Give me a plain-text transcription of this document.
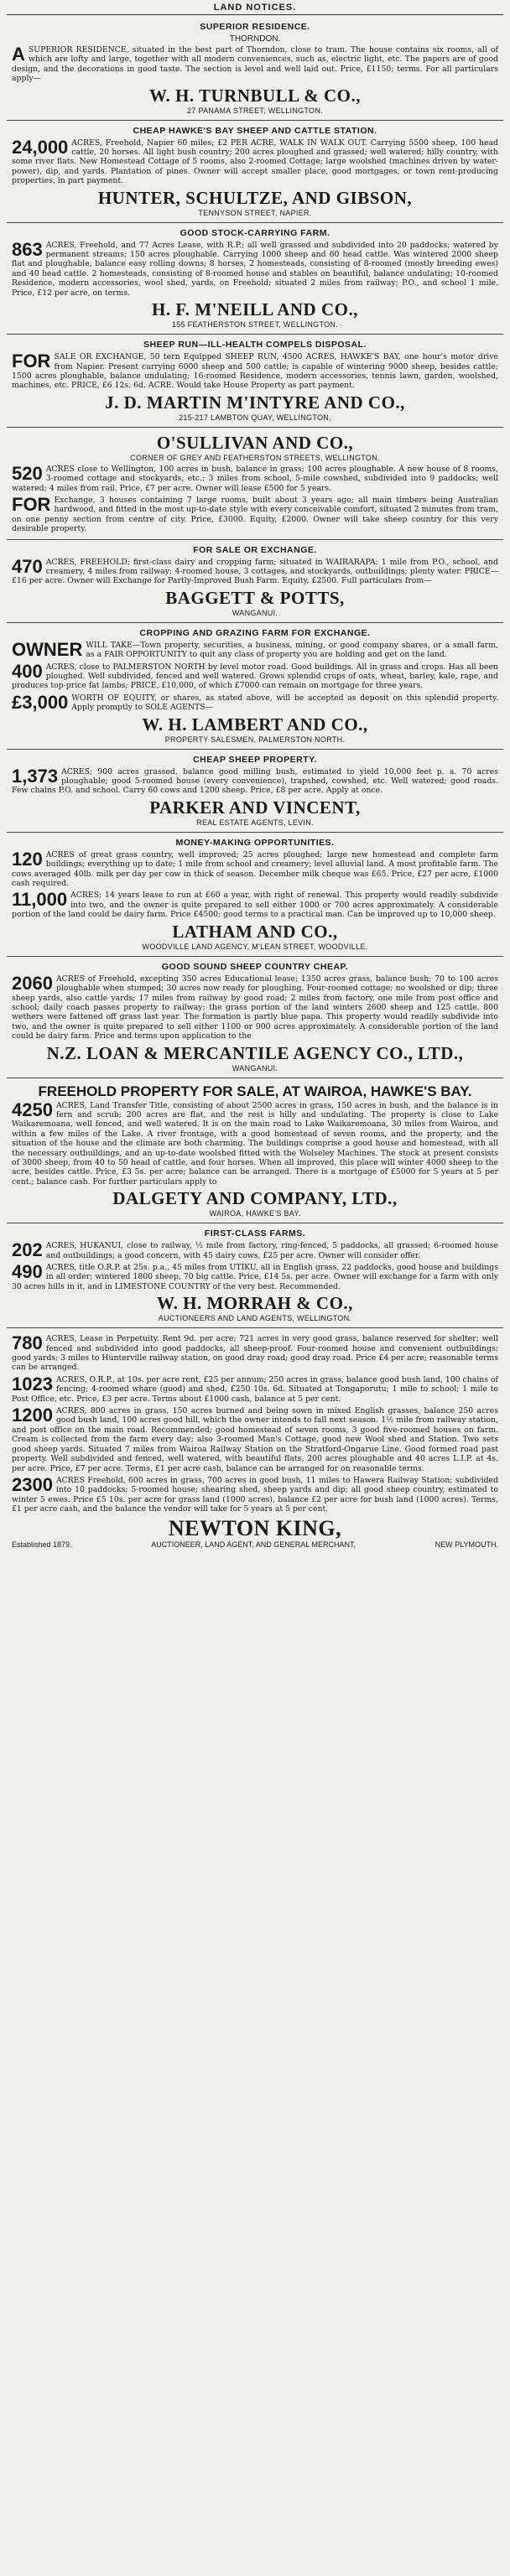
LAND NOTICES.
SUPERIOR RESIDENCE.
THORNDON.

ASUPERIOR RESIDENCE, situated in the best part of Thorndon, close to tram. The house contains six rooms, all of which are lofty and large, together with all modern conveniences, such as, electric light, etc. The papers are of good design, and the decorations in good taste. The section is level and well laid out. Price, £1150; terms. For all particulars apply—

W. H. TURNBULL & CO.,
27 PANAMA STREET, WELLINGTON.
CHEAP HAWKE'S BAY SHEEP AND CATTLE STATION.

24,000 ACRES, Freehold, Napier 60 miles; £2 PER ACRE, WALK IN WALK OUT. Carrying 5500 sheep, 100 head cattle, 20 horses. All light bush country; 200 acres ploughed and grassed; well watered; hilly country, with some river flats. New Homestead Cottage of 5 rooms, also 2-roomed Cottage; large woolshed (machines driven by water-power), dip, and yards. Plantation of pines. Owner will accept smaller place, good mortgages, or town rent-producing properties, in part payment.

HUNTER, SCHULTZE, AND GIBSON,
TENNYSON STREET, NAPIER.
GOOD STOCK-CARRYING FARM.

863 ACRES, Freehold, and 77 Acres Lease, with R.P.; all well grassed and subdivided into 20 paddocks; watered by permanent streams; 150 acres ploughable. Carrying 1000 sheep and 60 head cattle. Was wintered 2000 sheep flat and ploughable, balance easy rolling downs; 8 horses, 2 homesteads, consisting of 8-roomed (mostly breeding ewes) and 40 head cattle. 2 homesteads, consisting of 8-roomed house and stables on beautiful, balance undulating; 10-roomed Residence, modern accessories, wool shed, yards, on Freehold; situated 2 miles from railway; P.O., and school 1 mile. Price, £12 per acre, on terms.

H. F. M'NEILL AND CO.,
155 FEATHERSTON STREET, WELLINGTON.
SHEEP RUN—ILL-HEALTH COMPELS DISPOSAL.

FOR SALE OR EXCHANGE, 50 tern Equipped SHEEP RUN, 4500 ACRES, HAWKE'S BAY, one hour's motor drive from Napier. Present carrying 6000 sheep and 500 cattle; is capable of wintering 9000 sheep, besides cattle; 1500 acres ploughable, balance undulating; 16-roomed Residence, modern accessories, tennis lawn, garden, woolshed, machines, etc. PRICE, £6 12s. 6d. ACRE. Would take House Property as part payment.

J. D. MARTIN M'INTYRE AND CO.,
215-217 LAMBTON QUAY, WELLINGTON.
O'SULLIVAN AND CO.,
CORNER OF GREY AND FEATHERSTON STREETS, WELLINGTON.

520 ACRES close to Wellington, 100 acres in bush, balance in grass; 100 acres ploughable. A new house of 8 rooms, 3-roomed cottage and stockyards, etc.; 3 miles from school, 5-mile cowshed, subdivided into 9 paddocks; well watered; 4 miles from rail. Price, £7 per acre. Owner will lease £500 for 5 years.

FOR Exchange, 3 houses containing 7 large rooms, built about 3 years ago; all main timbers being Australian hardwood, and fitted in the most up-to-date style with every conceivable comfort, situated 2 minutes from tram, on one penny section from centre of city. Price, £3000. Equity, £2000. Owner will take sheep country for this very desirable property.

FOR SALE OR EXCHANGE.

470 ACRES, FREEHOLD; first-class dairy and cropping farm; situated in WAIRARAPA; 1 mile from P.O., school, and creamery, 4 miles from railway; 4-roomed house, 3 cottages, and stockyards, outbuildings; plenty water. PRICE—£16 per acre. Owner will Exchange for Partly-Improved Bush Farm. Equity, £2500. Full particulars from—

BAGGETT & POTTS,
WANGANUI.
CROPPING AND GRAZING FARM FOR EXCHANGE.

OWNER WILL TAKE—Town property, securities, a business, mining, or good company shares, or a small farm, as a FAIR OPPORTUNITY to quit any class of property you are holding and get on the land.

400 ACRES, close to PALMERSTON NORTH by level motor road. Good buildings. All in grass and crops. Has all been ploughed. Well subdivided, fenced and well watered. Grows splendid crops of oats, wheat, barley, kale, rape, and produces top-price fat lambs; PRICE, £10,000, of which £7000 can remain on mortgage for three years.

£3,000 WORTH OF EQUITY, or shares, as stated above, will be accepted as deposit on this splendid property. Apply promptly to SOLE AGENTS—

W. H. LAMBERT AND CO.,
PROPERTY SALESMEN, PALMERSTON NORTH.
CHEAP SHEEP PROPERTY.

1,373 ACRES; 900 acres grassed, balance good milling bush, estimated to yield 10,000 feet p. a. 70 acres ploughable; good 5-roomed house (every convenience), trapshed, cowshed, etc. Well watered; good roads. Few chains P.O. and school. Carry 60 cows and 1200 sheep. Price, £8 per acre. Apply at once.

PARKER AND VINCENT,
REAL ESTATE AGENTS, LEVIN.
MONEY-MAKING OPPORTUNITIES.

120 ACRES of great grass country, well improved; 25 acres ploughed; large new homestead and complete farm buildings; everything up to date; 1 mile from school and creamery; level alluvial land. A most profitable farm. The cows averaged 40lb. milk per day per cow in thick of season. December milk cheque was £65. Price, £27 per acre, £1000 cash required.

11,000 ACRES; 14 years lease to run at £60 a year, with right of renewal. This property would readily subdivide into two, and the owner is quite prepared to sell either 1000 or 700 acres approximately. A considerable portion of the land could be dairy farm. Price £4500; good terms to a practical man. Can be improved up to 10,000 sheep.

LATHAM AND CO.,
WOODVILLE LAND AGENCY, M'LEAN STREET, WOODVILLE.
GOOD SOUND SHEEP COUNTRY CHEAP.

2060 ACRES of Freehold, excepting 350 acres Educational lease; 1350 acres grass, balance bush; 70 to 100 acres ploughable when stumped; 30 acres now ready for ploughing. Four-roomed cottage; no woolshed or dip; three sheep yards, also cattle yards; 17 miles from railway by good road; 2 miles from factory, one mile from post office and school; daily coach passes property to railway; the grass portion of the land winters 2600 sheep and 125 cattle. 800 wethers were fattened off grass last year. The formation is partly blue papa. This property would readily subdivide into two, and the owner is quite prepared to sell either 1100 or 900 acres approximately. A considerable portion of the land could be dairy farm. Price and terms upon application to the

N.Z. LOAN & MERCANTILE AGENCY CO., LTD.,
WANGANUI.
FREEHOLD PROPERTY FOR SALE, AT WAIROA, HAWKE'S BAY.

4250 ACRES, Land Transfer Title, consisting of about 2500 acres in grass, 150 acres in bush, and the balance is in fern and scrub; 200 acres are flat, and the rest is hilly and undulating. The property is close to Lake Waikaremoana, well fenced, and well watered. It is on the main road to Lake Waikaremoana, 30 miles from Wairoa, and within a few miles of the Lake. A river frontage, with a good homestead of seven rooms, and the property, and the situation of the house and the climate are both charming. The buildings comprise a good house and homestead, with all the necessary outbuildings, and an up-to-date woolshed fitted with the Wolseley Machines. The stock at present consists of 3000 sheep, from 40 to 50 head of cattle, and four horses. When all improved, this place will winter 4000 sheep to the acre, besides cattle. Price, £3 5s. per acre; balance can be arranged. There is a mortgage of £5000 for 5 years at 5 per cent.; balance cash. For further particulars apply to

DALGETY AND COMPANY, LTD.,
WAIROA, HAWKE'S BAY.
FIRST-CLASS FARMS.

202 ACRES, HUKANUI, close to railway, ½ mile from factory, ring-fenced, 5 paddocks, all grassed; 6-roomed house and outbuildings; a good concern, with 45 dairy cows, £25 per acre. Owner will consider offer.

490 ACRES, title O.R.P. at 25s. p.a., 45 miles from UTIKU, all in English grass, 22 paddocks, good house and buildings in all order; wintered 1800 sheep, 70 big cattle. Price, £14 5s. per acre. Owner will exchange for a farm with only 30 acres hills in it, and in LIMESTONE COUNTRY of the very best. Recommended.

W. H. MORRAH & CO.,
AUCTIONEERS AND LAND AGENTS, WELLINGTON.

780 ACRES, Lease in Perpetuity. Rent 9d. per acre; 721 acres in very good grass, balance reserved for shelter; well fenced and subdivided into good paddocks, all sheep-proof. Four-roomed house and convenient outbuildings; good yards; 3 miles to Hunterville railway station, on good dray road; good dray road. Price £4 per acre; reasonable terms can be arranged.

1023 ACRES, O.R.P., at 10s. per acre rent, £25 per annum; 250 acres in grass, balance good bush land, 100 chains of fencing; 4-roomed whare (good) and shed, £250 10s. 6d. Situated at Tongaporutu; 1 mile to school; 1 mile to Post Office, etc. Price, £3 per acre. Terms about £1000 cash, balance at 5 per cent.

1200 ACRES, 800 acres in grass, 150 acres burned and being sown in mixed English grasses, balance 250 acres good bush land, 100 acres good hill, which the owner intends to fall next season. 1½ mile from railway station, and post office on the main road. Recommended; good homestead of seven rooms, 3 good five-roomed houses on farm. Cream is collected from the farm every day; also 3-roomed Man's Cottage, good new Wool shed and Station. Two sets good sheep yards. Situated 7 miles from Wairoa Railway Station on the Stratford-Ongarue Line. Good formed road past property. Well subdivided and fenced, well watered, with beautiful flats, 200 acres ploughable and 40 acres L.I.P. at 4s. per acre. Price, £7 per acre. Terms, £1 per acre cash, balance can be arranged for on reasonable terms.

2300 ACRES Freehold, 600 acres in grass, 700 acres in good bush, 11 miles to Hawera Railway Station; subdivided into 10 paddocks; 5-roomed house; shearing shed, sheep yards and dip; all good sheep country, estimated to winter 5 ewes. Price £5 10s. per acre for grass land (1000 acres), balance £2 per acre for bush land (1000 acres). Terms, £1 per acre cash, and the balance the vendor will take for 5 years at 5 per cent.

NEWTON KING,
Established 1879.	AUCTIONEER, LAND AGENT, AND GENERAL MERCHANT,	NEW PLYMOUTH.
